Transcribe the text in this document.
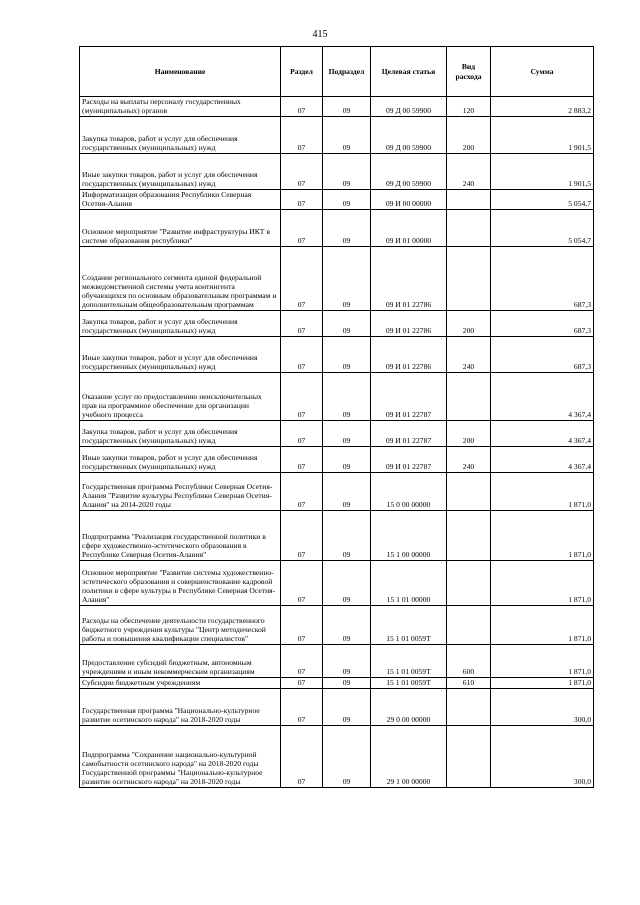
415
Наименование	Раздел	Подраздел	Целевая статья	Вид расхода	Сумма
Расходы на выплаты персоналу государственных (муниципальных) органов	07	09	09 Д 00 59900	120	2 883,2
Закупка товаров, работ и услуг для обеспечения государственных (муниципальных) нужд	07	09	09 Д 00 59900	200	1 901,5
Иные закупки товаров, работ и услуг для обеспечения государственных (муниципальных) нужд	07	09	09 Д 00 59900	240	1 901,5
Информатизация образования Республики Северная Осетия-Алания	07	09	09 И 00 00000		5 054,7
Основное мероприятие "Развитие инфраструктуры ИКТ в системе образования республики"	07	09	09 И 01 00000		5 054,7
Создание регионального сегмента единой федеральной межведомственной системы учета контингента обучающихся по основным образовательным программам и дополнительным общеобразовательным программам	07	09	09 И 01 22786		687,3
Закупка товаров, работ и услуг для обеспечения государственных (муниципальных) нужд	07	09	09 И 01 22786	200	687,3
Иные закупки товаров, работ и услуг для обеспечения государственных (муниципальных) нужд	07	09	09 И 01 22786	240	687,3
Оказание услуг по предоставлению неисключительных прав на программное обеспечение для организации учебного процесса	07	09	09 И 01 22787		4 367,4
Закупка товаров, работ и услуг для обеспечения государственных (муниципальных) нужд	07	09	09 И 01 22787	200	4 367,4
Иные закупки товаров, работ и услуг для обеспечения государственных (муниципальных) нужд	07	09	09 И 01 22787	240	4 367,4
Государственная программа Республики Северная Осетия-Алания "Развитие культуры Республики Северная Осетия-Алания" на 2014-2020 годы	07	09	15 0 00 00000		1 871,0
Подпрограмма "Реализация государственной политики в сфере художественно-эстетического образования в Республике Северная Осетия-Алания"	07	09	15 1 00 00000		1 871,0
Основное мероприятие "Развитие системы художественно-эстетического образования и совершенствование кадровой политики в сфере культуры в Республике Северная Осетия-Алания"	07	09	15 1 01 00000		1 871,0
Расходы на обеспечение деятельности государственного бюджетного учреждения культуры "Центр методической работы и повышения квалификации специалистов"	07	09	15 1 01 0059Т		1 871,0
Предоставление субсидий бюджетным, автономным учреждениям и иным некоммерческим организациям	07	09	15 1 01 0059Т	600	1 871,0
Субсидии бюджетным учреждениям	07	09	15 1 01 0059Т	610	1 871,0
Государственная программа "Национально-культурное развитие осетинского народа" на 2018-2020 годы	07	09	29 0 00 00000		300,0
Подпрограмма "Сохранение национально-культурной самобытности осетинского народа" на 2018-2020 годы Государственной программы "Национально-культурное развитие осетинского народа" на 2018-2020 годы	07	09	29 1 00 00000		300,0
